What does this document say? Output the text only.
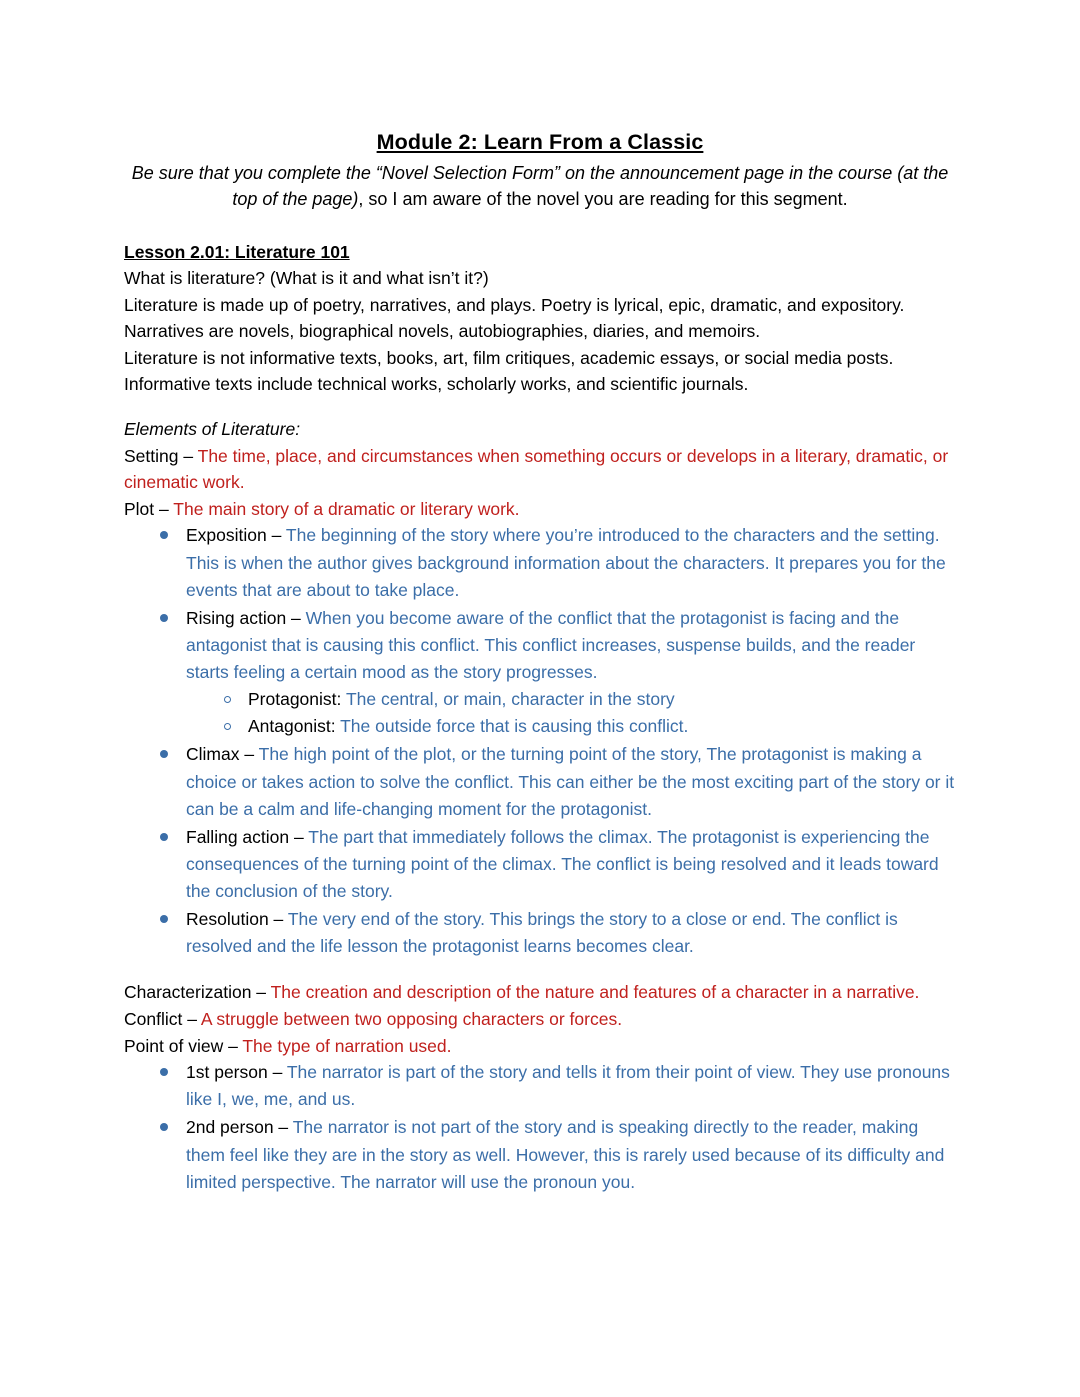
Module 2: Learn From a Classic

Be sure that you complete the “Novel Selection Form” on the announcement page in the course (at the top of the page), so I am aware of the novel you are reading for this segment.

Lesson 2.01: Literature 101

What is literature? (What is it and what isn’t it?)

Literature is made up of poetry, narratives, and plays. Poetry is lyrical, epic, dramatic, and expository. Narratives are novels, biographical novels, autobiographies, diaries, and memoirs.

Literature is not informative texts, books, art, film critiques, academic essays, or social media posts. Informative texts include technical works, scholarly works, and scientific journals.

Elements of Literature:

Setting – The time, place, and circumstances when something occurs or develops in a literary, dramatic, or cinematic work.

Plot – The main story of a dramatic or literary work.

Exposition – The beginning of the story where you’re introduced to the characters and the setting. This is when the author gives background information about the characters. It prepares you for the events that are about to take place.
Rising action – When you become aware of the conflict that the protagonist is facing and the antagonist that is causing this conflict. This conflict increases, suspense builds, and the reader starts feeling a certain mood as the story progresses.
Protagonist: The central, or main, character in the story
Antagonist: The outside force that is causing this conflict.
Climax – The high point of the plot, or the turning point of the story, The protagonist is making a choice or takes action to solve the conflict. This can either be the most exciting part of the story or it can be a calm and life-changing moment for the protagonist.
Falling action – The part that immediately follows the climax. The protagonist is experiencing the consequences of the turning point of the climax. The conflict is being resolved and it leads toward the conclusion of the story.
Resolution – The very end of the story. This brings the story to a close or end. The conflict is resolved and the life lesson the protagonist learns becomes clear.

Characterization – The creation and description of the nature and features of a character in a narrative.

Conflict – A struggle between two opposing characters or forces.

Point of view – The type of narration used.

1st person – The narrator is part of the story and tells it from their point of view. They use pronouns like I, we, me, and us.
2nd person – The narrator is not part of the story and is speaking directly to the reader, making them feel like they are in the story as well. However, this is rarely used because of its difficulty and limited perspective. The narrator will use the pronoun you.
